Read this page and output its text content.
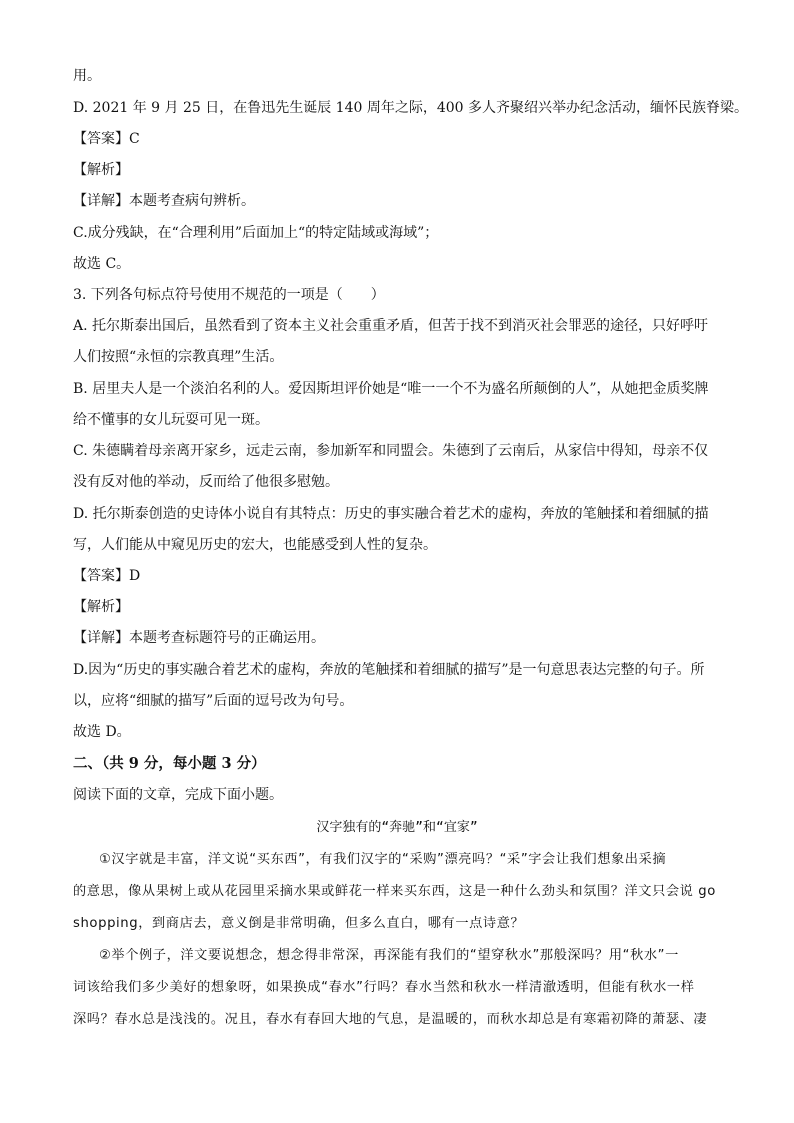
用。
D. 2021 年 9 月 25 日，在鲁迅先生诞辰 140 周年之际，400 多人齐聚绍兴举办纪念活动，缅怀民族脊梁。
【答案】C
【解析】
【详解】本题考查病句辨析。
C.成分残缺，在“合理利用”后面加上“的特定陆域或海域”；
故选 C。
3. 下列各句标点符号使用不规范的一项是（　　）
A. 托尔斯泰出国后，虽然看到了资本主义社会重重矛盾，但苦于找不到消灭社会罪恶的途径，只好呼吁
人们按照“永恒的宗教真理”生活。
B. 居里夫人是一个淡泊名利的人。爱因斯坦评价她是“唯一一个不为盛名所颠倒的人”，从她把金质奖牌
给不懂事的女儿玩耍可见一斑。
C. 朱德瞒着母亲离开家乡，远走云南，参加新军和同盟会。朱德到了云南后，从家信中得知，母亲不仅
没有反对他的举动，反而给了他很多慰勉。
D. 托尔斯泰创造的史诗体小说自有其特点：历史的事实融合着艺术的虚构，奔放的笔触揉和着细腻的描
写，人们能从中窥见历史的宏大，也能感受到人性的复杂。
【答案】D
【解析】
【详解】本题考查标题符号的正确运用。
D.因为“历史的事实融合着艺术的虚构，奔放的笔触揉和着细腻的描写”是一句意思表达完整的句子。所
以，应将“细腻的描写”后面的逗号改为句号。
故选 D。
二、（共 9 分，每小题 3 分）
阅读下面的文章，完成下面小题。
汉字独有的“奔驰”和“宜家”
①汉字就是丰富，洋文说“买东西”，有我们汉字的“采购”漂亮吗？“采”字会让我们想象出采摘
的意思，像从果树上或从花园里采摘水果或鲜花一样来买东西，这是一种什么劲头和氛围？洋文只会说 go
shopping，到商店去，意义倒是非常明确，但多么直白，哪有一点诗意？
②举个例子，洋文要说想念，想念得非常深，再深能有我们的“望穿秋水”那般深吗？用“秋水”一
词该给我们多少美好的想象呀，如果换成“春水”行吗？春水当然和秋水一样清澈透明，但能有秋水一样
深吗？春水总是浅浅的。况且，春水有春回大地的气息，是温暖的，而秋水却总是有寒霜初降的萧瑟、凄
